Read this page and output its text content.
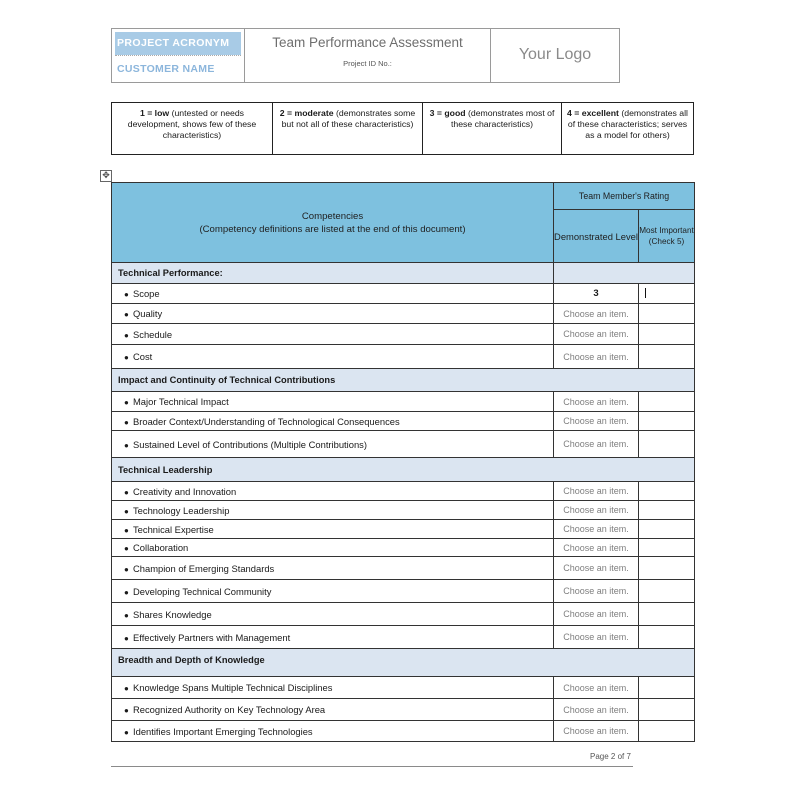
PROJECT ACRONYM
CUSTOMER NAME
Team Performance Assessment
Project ID No.:
Your Logo
1 = low (untested or needs development, shows few of these characteristics)
2 = moderate (demonstrates some but not all of these characteristics)
3 = good (demonstrates most of these characteristics)
4 = excellent (demonstrates all of these characteristics; serves as a model for others)
✥
Competencies
(Competency definitions are listed at the end of this document)	Team Member's Rating	
	Demonstrated Level	Most Important (Check 5)
Technical Performance:		
● Scope	3	

● Quality	Choose an item.	
● Schedule	Choose an item.	
● Cost	Choose an item.	
Impact and Continuity of Technical Contributions		
● Major Technical Impact	Choose an item.	
● Broader Context/Understanding of Technological Consequences	Choose an item.	
● Sustained Level of Contributions (Multiple Contributions)	Choose an item.	
Technical Leadership		
● Creativity and Innovation	Choose an item.	
● Technology Leadership	Choose an item.	
● Technical Expertise	Choose an item.	
● Collaboration	Choose an item.	
● Champion of Emerging Standards	Choose an item.	
● Developing Technical Community	Choose an item.	
● Shares Knowledge	Choose an item.	
● Effectively Partners with Management	Choose an item.	
Breadth and Depth of Knowledge		
● Knowledge Spans Multiple Technical Disciplines	Choose an item.	
● Recognized Authority on Key Technology Area	Choose an item.	
● Identifies Important Emerging Technologies	Choose an item.	
Page 2 of 7
